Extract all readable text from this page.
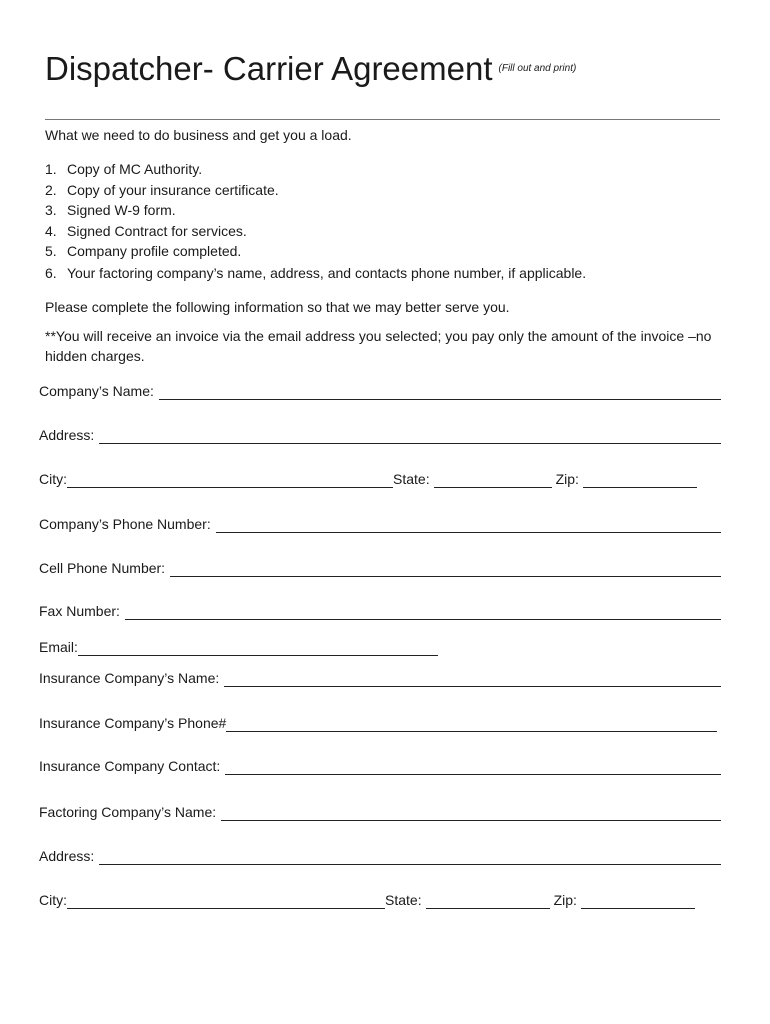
Dispatcher- Carrier Agreement (Fill out and print)
What we need to do business and get you a load.
1. Copy of MC Authority.
2. Copy of your insurance certificate.
3. Signed W-9 form.
4. Signed Contract for services.
5. Company profile completed.
6. Your factoring company’s name, address, and contacts phone number, if applicable.
Please complete the following information so that we may better serve you.
**You will receive an invoice via the email address you selected; you pay only the amount of the invoice –no hidden charges.
Company’s Name:
Address:
City:	State:	Zip:
Company’s Phone Number:
Cell Phone Number:
Fax Number:
Email:
Insurance Company’s Name:
Insurance Company’s Phone#
Insurance Company Contact:
Factoring Company’s Name:
Address:
City:	State:	Zip:
